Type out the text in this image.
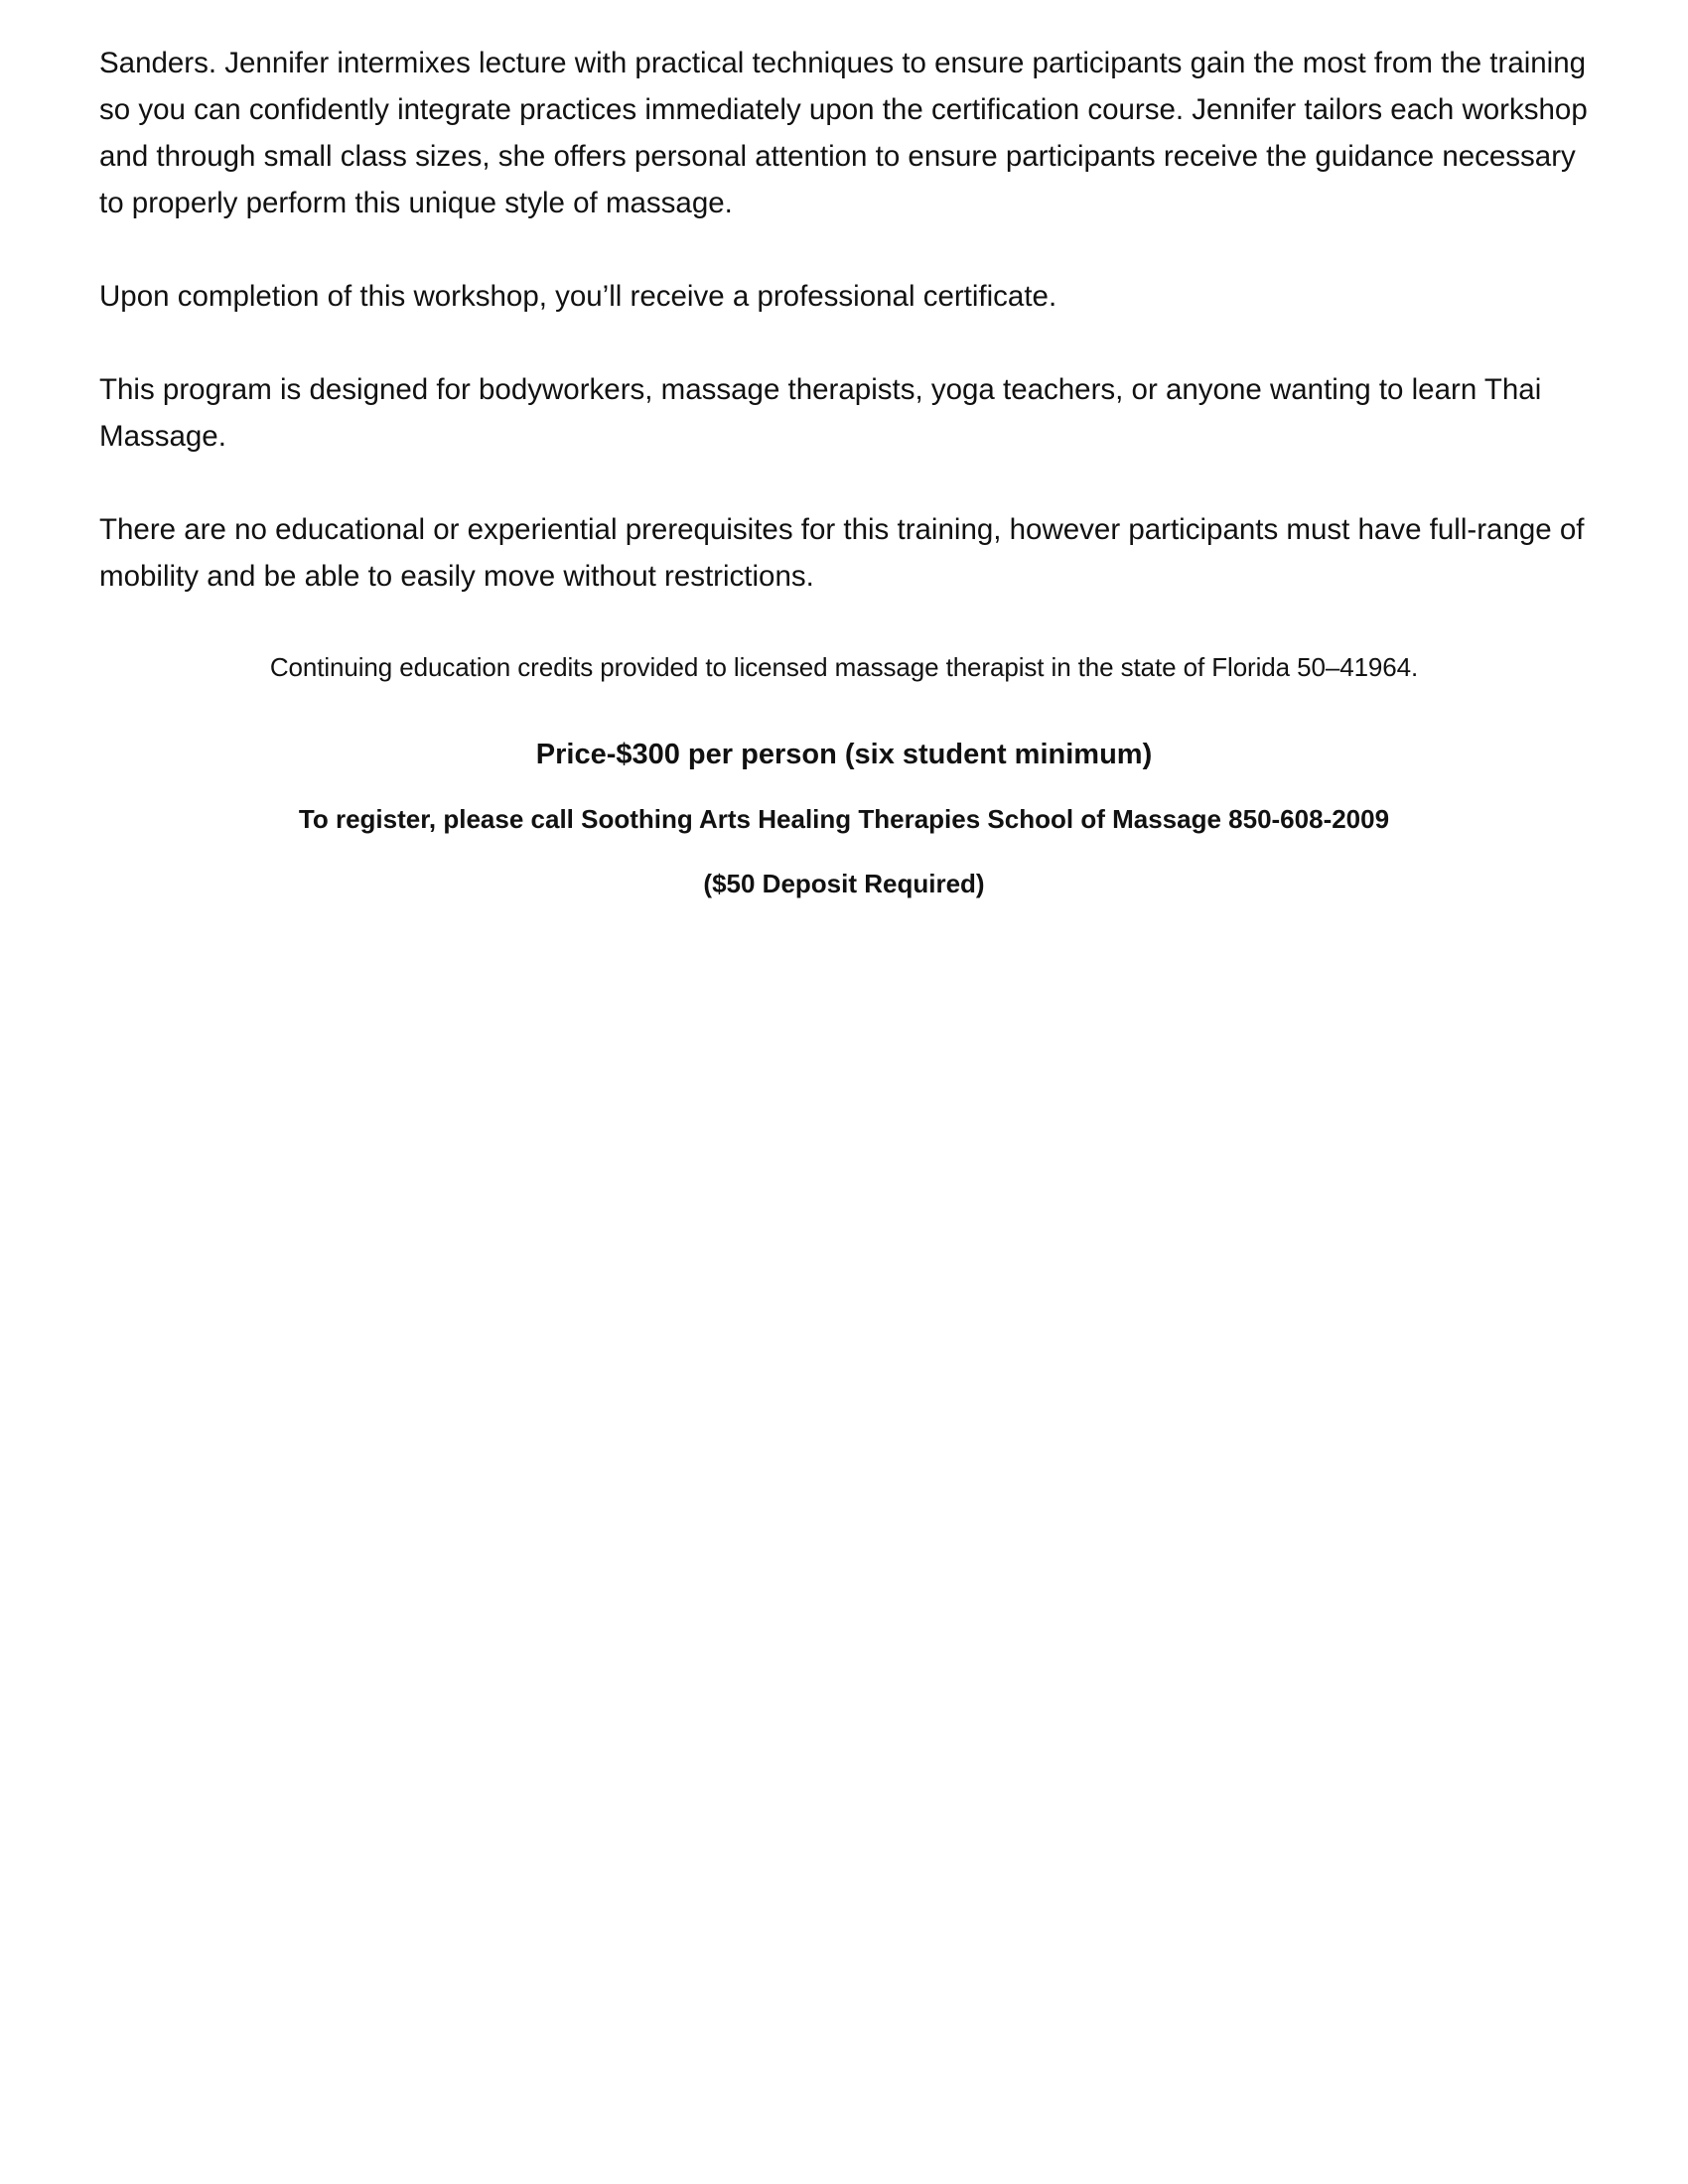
Sanders. Jennifer intermixes lecture with practical techniques to ensure participants gain the most from the training so you can confidently integrate practices immediately upon the certification course. Jennifer tailors each workshop and through small class sizes, she offers personal attention to ensure participants receive the guidance necessary to properly perform this unique style of massage.

Upon completion of this workshop, you’ll receive a professional certificate.

This program is designed for bodyworkers, massage therapists, yoga teachers, or anyone wanting to learn Thai Massage.

There are no educational or experiential prerequisites for this training, however participants must have full-range of mobility and be able to easily move without restrictions.

Continuing education credits provided to licensed massage therapist in the state of Florida 50–41964.

Price-$300 per person (six student minimum)

To register, please call Soothing Arts Healing Therapies School of Massage 850-608-2009

($50 Deposit Required)
